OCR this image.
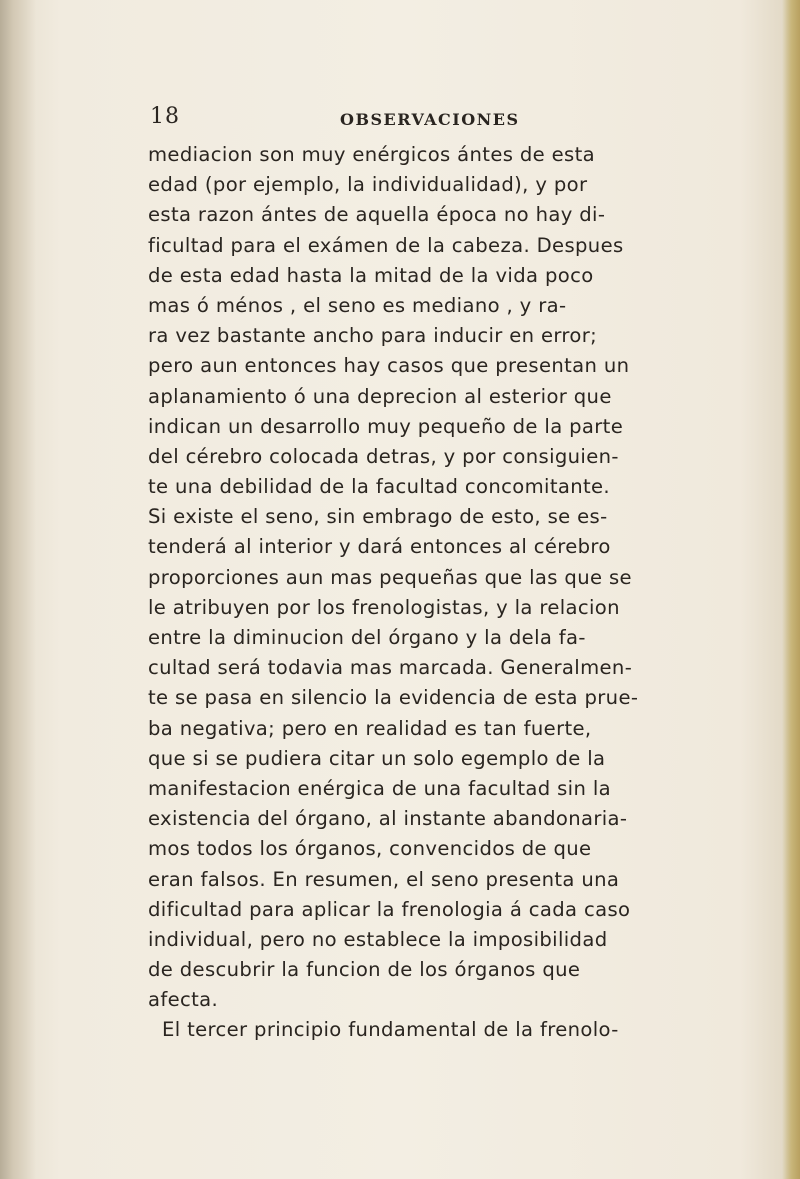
18	OBSERVACIONES
mediacion son muy enérgicos ántes de esta
edad (por ejemplo, la individualidad), y por
esta razon ántes de aquella época no hay di-
ficultad para el exámen de la cabeza. Despues
de esta edad hasta la mitad de la vida poco
mas ó ménos , el seno es mediano , y ra-
ra vez bastante ancho para inducir en error;
pero aun entonces hay casos que presentan un
aplanamiento ó una deprecion al esterior que
indican un desarrollo muy pequeño de la parte
del cérebro colocada detras, y por consiguien-
te una debilidad de la facultad concomitante.
Si existe el seno, sin embrago de esto, se es-
tenderá al interior y dará entonces al cérebro
proporciones aun mas pequeñas que las que se
le atribuyen por los frenologistas, y la relacion
entre la diminucion del órgano y la dela fa-
cultad será todavia mas marcada. Generalmen-
te se pasa en silencio la evidencia de esta prue-
ba negativa; pero en realidad es tan fuerte,
que si se pudiera citar un solo egemplo de la
manifestacion enérgica de una facultad sin la
existencia del órgano, al instante abandonaria-
mos todos los órganos, convencidos de que
eran falsos. En resumen, el seno presenta una
dificultad para aplicar la frenologia á cada caso
individual, pero no establece la imposibilidad
de descubrir la funcion de los órganos que
afecta.
El tercer principio fundamental de la frenolo-
